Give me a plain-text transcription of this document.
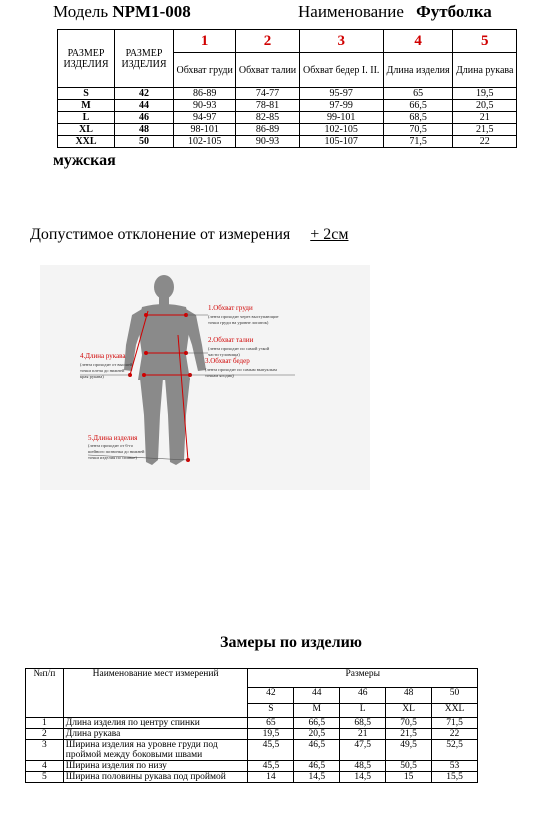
Модель NPM1-008	Наименование Футболка
РАЗМЕР ИЗДЕЛИЯ	РАЗМЕР ИЗДЕЛИЯ	1	2	3	4	5
		Обхват груди	Обхват талии	Обхват бедер I. II.	Длина изделия	Длина рукава
S	42	86-89	74-77	95-97	65	19,5
M	44	90-93	78-81	97-99	66,5	20,5
L	46	94-97	82-85	99-101	68,5	21
XL	48	98-101	86-89	102-105	70,5	21,5
XXL	50	102-105	90-93	105-107	71,5	22
мужская
Допустимое отклонение от измерения + 2см
1.Обхват груди
(лента проходит через выступающие
точки груди на уровне лопаток)
2.Обхват талии
(лента проходит по самой узкой
части туловища)
3.Обхват бедер
(лента проходит по самым выпуклым
точкам ягодиц)
4.Длина рукава
(лента проходит от высшей
точки плеча до нижней
края рукава)
5.Длина изделия
(лента проходит от 6-го
шейного позвонка до нижней
точки изделия по спинке)
Замеры по изделию
№п/п	Наименование мест измерений	Размеры				
		42	44	46	48	50
		S	M	L	XL	XXL
1	Длина изделия по центру спинки	65	66,5	68,5	70,5	71,5
2	Длина рукава	19,5	20,5	21	21,5	22
3	Ширина изделия на уровне груди под проймой между боковыми швами	45,5	46,5	47,5	49,5	52,5
4	Ширина изделия по низу	45,5	46,5	48,5	50,5	53
5	Ширина половины рукава под проймой	14	14,5	14,5	15	15,5
